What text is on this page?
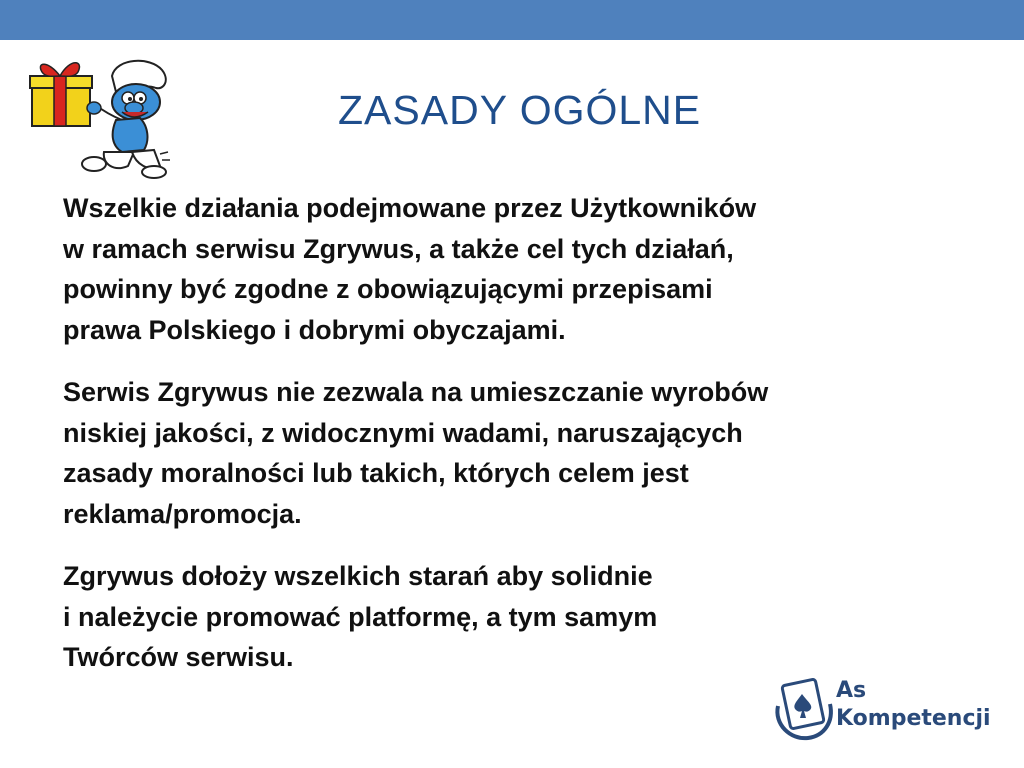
ZASADY OGÓLNE

Wszelkie działania podejmowane przez Użytkowników
w ramach serwisu Zgrywus, a także cel tych działań,
powinny być zgodne z obowiązującymi przepisami
prawa Polskiego i dobrymi obyczajami.

Serwis Zgrywus nie zezwala na umieszczanie wyrobów
niskiej jakości, z widocznymi wadami, naruszających
zasady moralności lub takich, których celem jest
reklama/promocja.

Zgrywus dołoży wszelkich starań aby solidnie
i należycie promować platformę, a tym samym
Twórców serwisu.

As
Kompetencji
